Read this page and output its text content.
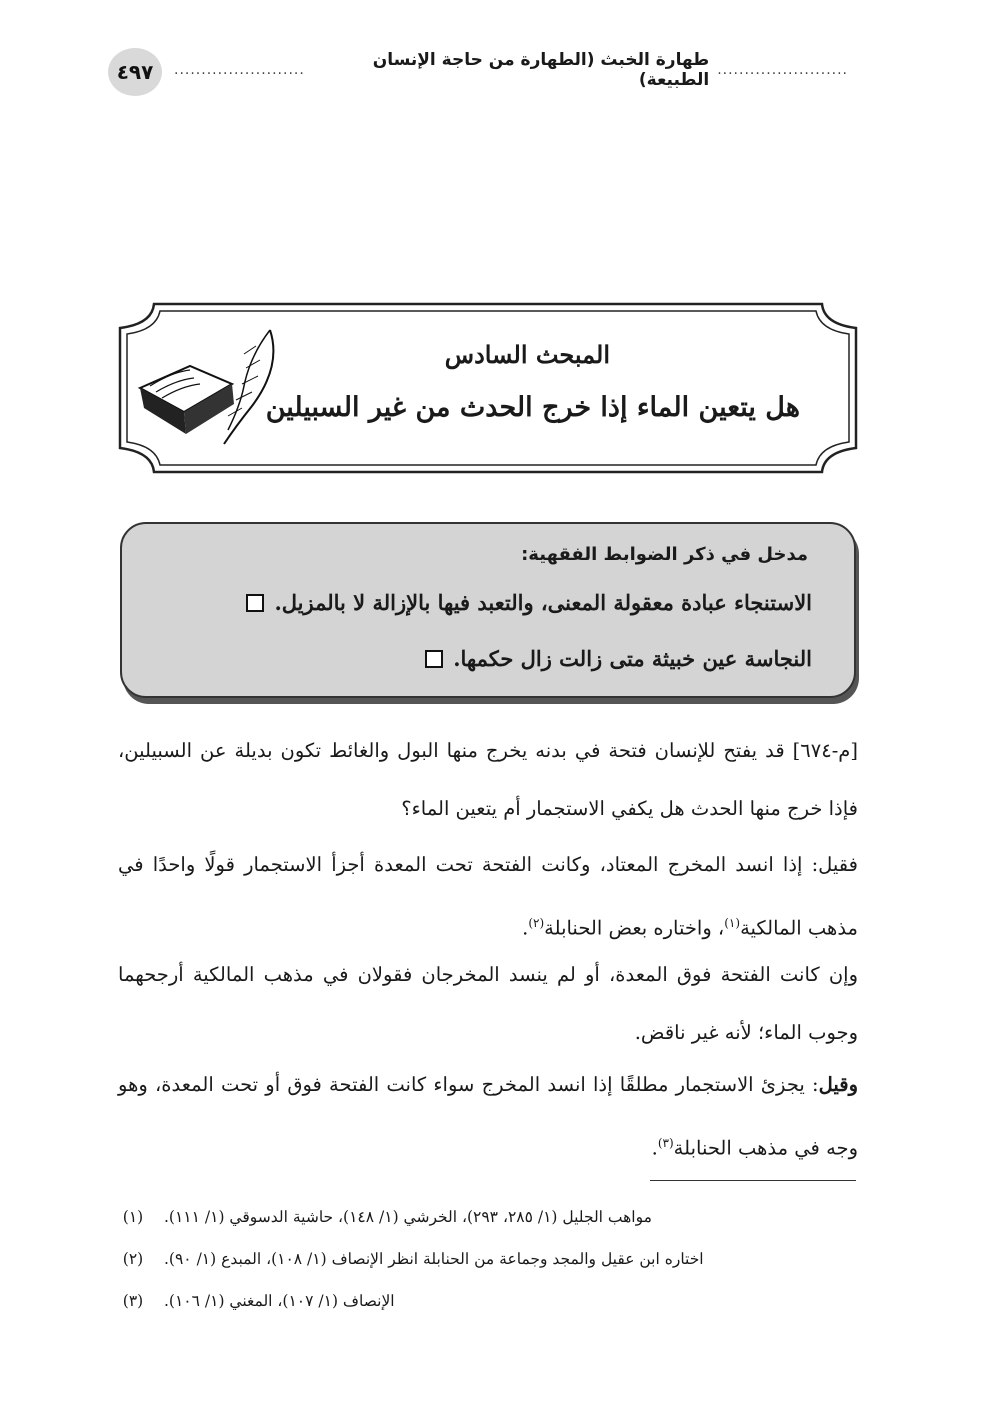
٤٩٧	........................
طهارة الخبث (الطهارة من حاجة الإنسان الطبيعة)
........................
المبحث السادس
هل يتعين الماء إذا خرج الحدث من غير السبيلين
مدخل في ذكر الضوابط الفقهية:
الاستنجاء عبادة معقولة المعنى، والتعبد فيها بالإزالة لا بالمزيل.
النجاسة عين خبيثة متى زالت زال حكمها.
[م-٦٧٤] قد يفتح للإنسان فتحة في بدنه يخرج منها البول والغائط تكون بديلة عن السبيلين، فإذا خرج منها الحدث هل يكفي الاستجمار أم يتعين الماء؟
فقيل: إذا انسد المخرج المعتاد، وكانت الفتحة تحت المعدة أجزأ الاستجمار قولًا واحدًا في مذهب المالكية$^{(١)}$، واختاره بعض الحنابلة$^{(٢)}$.
وإن كانت الفتحة فوق المعدة، أو لم ينسد المخرجان فقولان في مذهب المالكية أرجحهما وجوب الماء؛ لأنه غير ناقض.
وقيل: يجزئ الاستجمار مطلقًا إذا انسد المخرج سواء كانت الفتحة فوق أو تحت المعدة، وهو وجه في مذهب الحنابلة$^{(٣)}$.
(١)	مواهب الجليل (١/ ٢٨٥، ٢٩٣)، الخرشي (١/ ١٤٨)، حاشية الدسوقي (١/ ١١١).
(٢)	اختاره ابن عقيل والمجد وجماعة من الحنابلة انظر الإنصاف (١/ ١٠٨)، المبدع (١/ ٩٠).
(٣)	الإنصاف (١/ ١٠٧)، المغني (١/ ١٠٦).
